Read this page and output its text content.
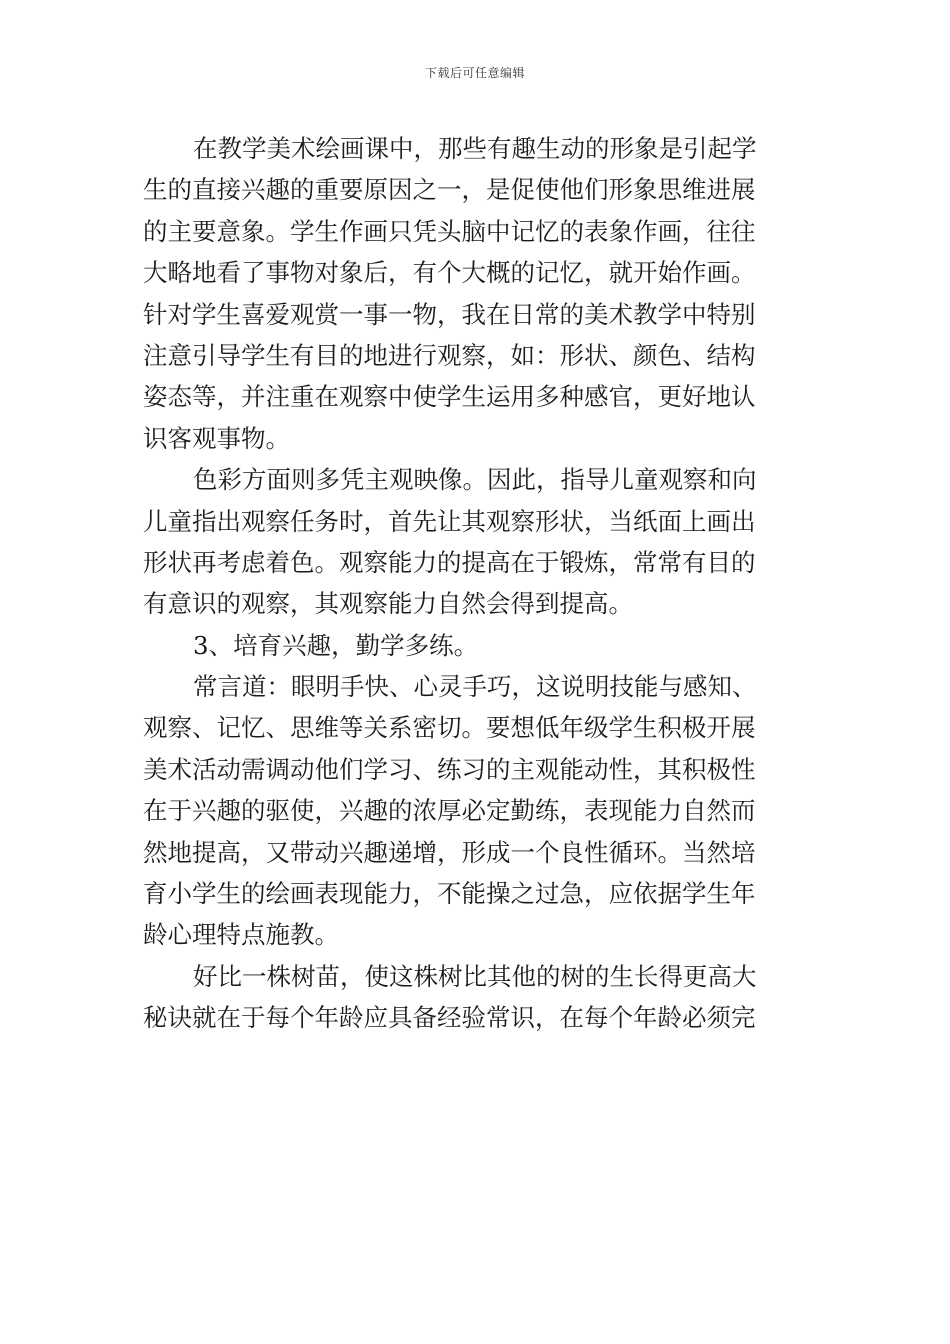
下载后可任意编辑
在教学美术绘画课中，那些有趣生动的形象是引起学
生的直接兴趣的重要原因之一，是促使他们形象思维进展
的主要意象。学生作画只凭头脑中记忆的表象作画，往往
大略地看了事物对象后，有个大概的记忆，就开始作画。
针对学生喜爱观赏一事一物，我在日常的美术教学中特别
注意引导学生有目的地进行观察，如：形状、颜色、结构
姿态等，并注重在观察中使学生运用多种感官，更好地认
识客观事物。
色彩方面则多凭主观映像。因此，指导儿童观察和向
儿童指出观察任务时，首先让其观察形状，当纸面上画出
形状再考虑着色。观察能力的提高在于锻炼，常常有目的
有意识的观察，其观察能力自然会得到提高。
3、培育兴趣，勤学多练。
常言道：眼明手快、心灵手巧，这说明技能与感知、
观察、记忆、思维等关系密切。要想低年级学生积极开展
美术活动需调动他们学习、练习的主观能动性，其积极性
在于兴趣的驱使，兴趣的浓厚必定勤练，表现能力自然而
然地提高，又带动兴趣递增，形成一个良性循环。当然培
育小学生的绘画表现能力，不能操之过急，应依据学生年
龄心理特点施教。
好比一株树苗，使这株树比其他的树的生长得更高大
秘诀就在于每个年龄应具备经验常识，在每个年龄必须完
